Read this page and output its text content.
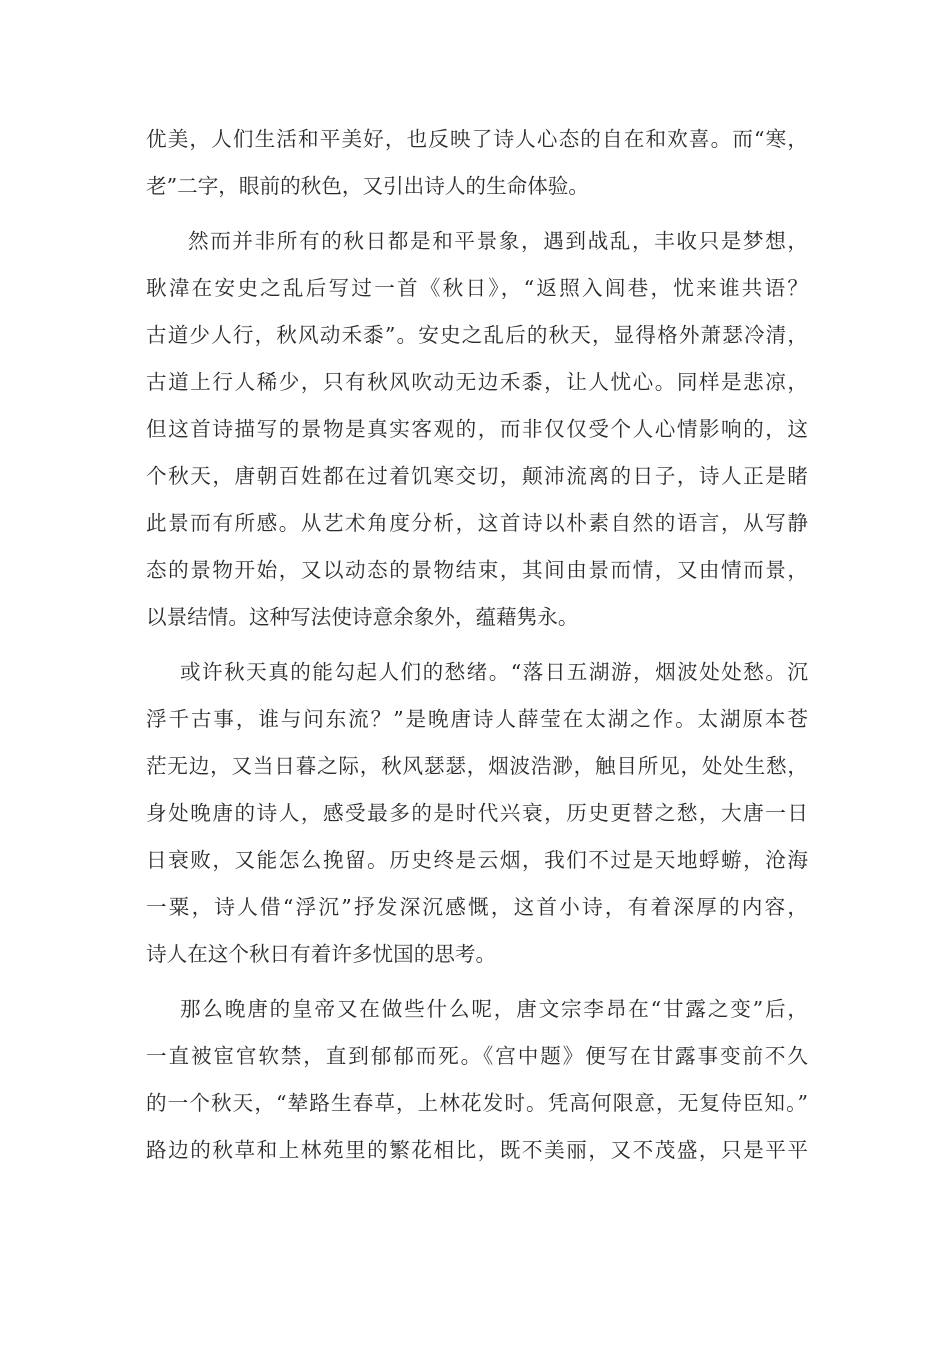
优美，人们生活和平美好，也反映了诗人心态的自在和欢喜。而“寒，
老”二字，眼前的秋色，又引出诗人的生命体验。
然而并非所有的秋日都是和平景象，遇到战乱，丰收只是梦想，
耿湋在安史之乱后写过一首《秋日》，“返照入闾巷，忧来谁共语？
古道少人行，秋风动禾黍”。安史之乱后的秋天，显得格外萧瑟冷清，
古道上行人稀少，只有秋风吹动无边禾黍，让人忧心。同样是悲凉，
但这首诗描写的景物是真实客观的，而非仅仅受个人心情影响的，这
个秋天，唐朝百姓都在过着饥寒交切，颠沛流离的日子，诗人正是睹
此景而有所感。从艺术角度分析，这首诗以朴素自然的语言，从写静
态的景物开始，又以动态的景物结束，其间由景而情，又由情而景，
以景结情。这种写法使诗意余象外，蕴藉隽永。
或许秋天真的能勾起人们的愁绪。“落日五湖游，烟波处处愁。沉
浮千古事，谁与问东流？”是晚唐诗人薛莹在太湖之作。太湖原本苍
茫无边，又当日暮之际，秋风瑟瑟，烟波浩渺，触目所见，处处生愁，
身处晚唐的诗人，感受最多的是时代兴衰，历史更替之愁，大唐一日
日衰败，又能怎么挽留。历史终是云烟，我们不过是天地蜉蝣，沧海
一粟，诗人借“浮沉”抒发深沉感慨，这首小诗，有着深厚的内容，
诗人在这个秋日有着许多忧国的思考。
那么晚唐的皇帝又在做些什么呢，唐文宗李昂在“甘露之变”后，
一直被宦官软禁，直到郁郁而死。《宫中题》便写在甘露事变前不久
的一个秋天，“辇路生春草，上林花发时。凭高何限意，无复侍臣知。”
路边的秋草和上林苑里的繁花相比，既不美丽，又不茂盛，只是平平
